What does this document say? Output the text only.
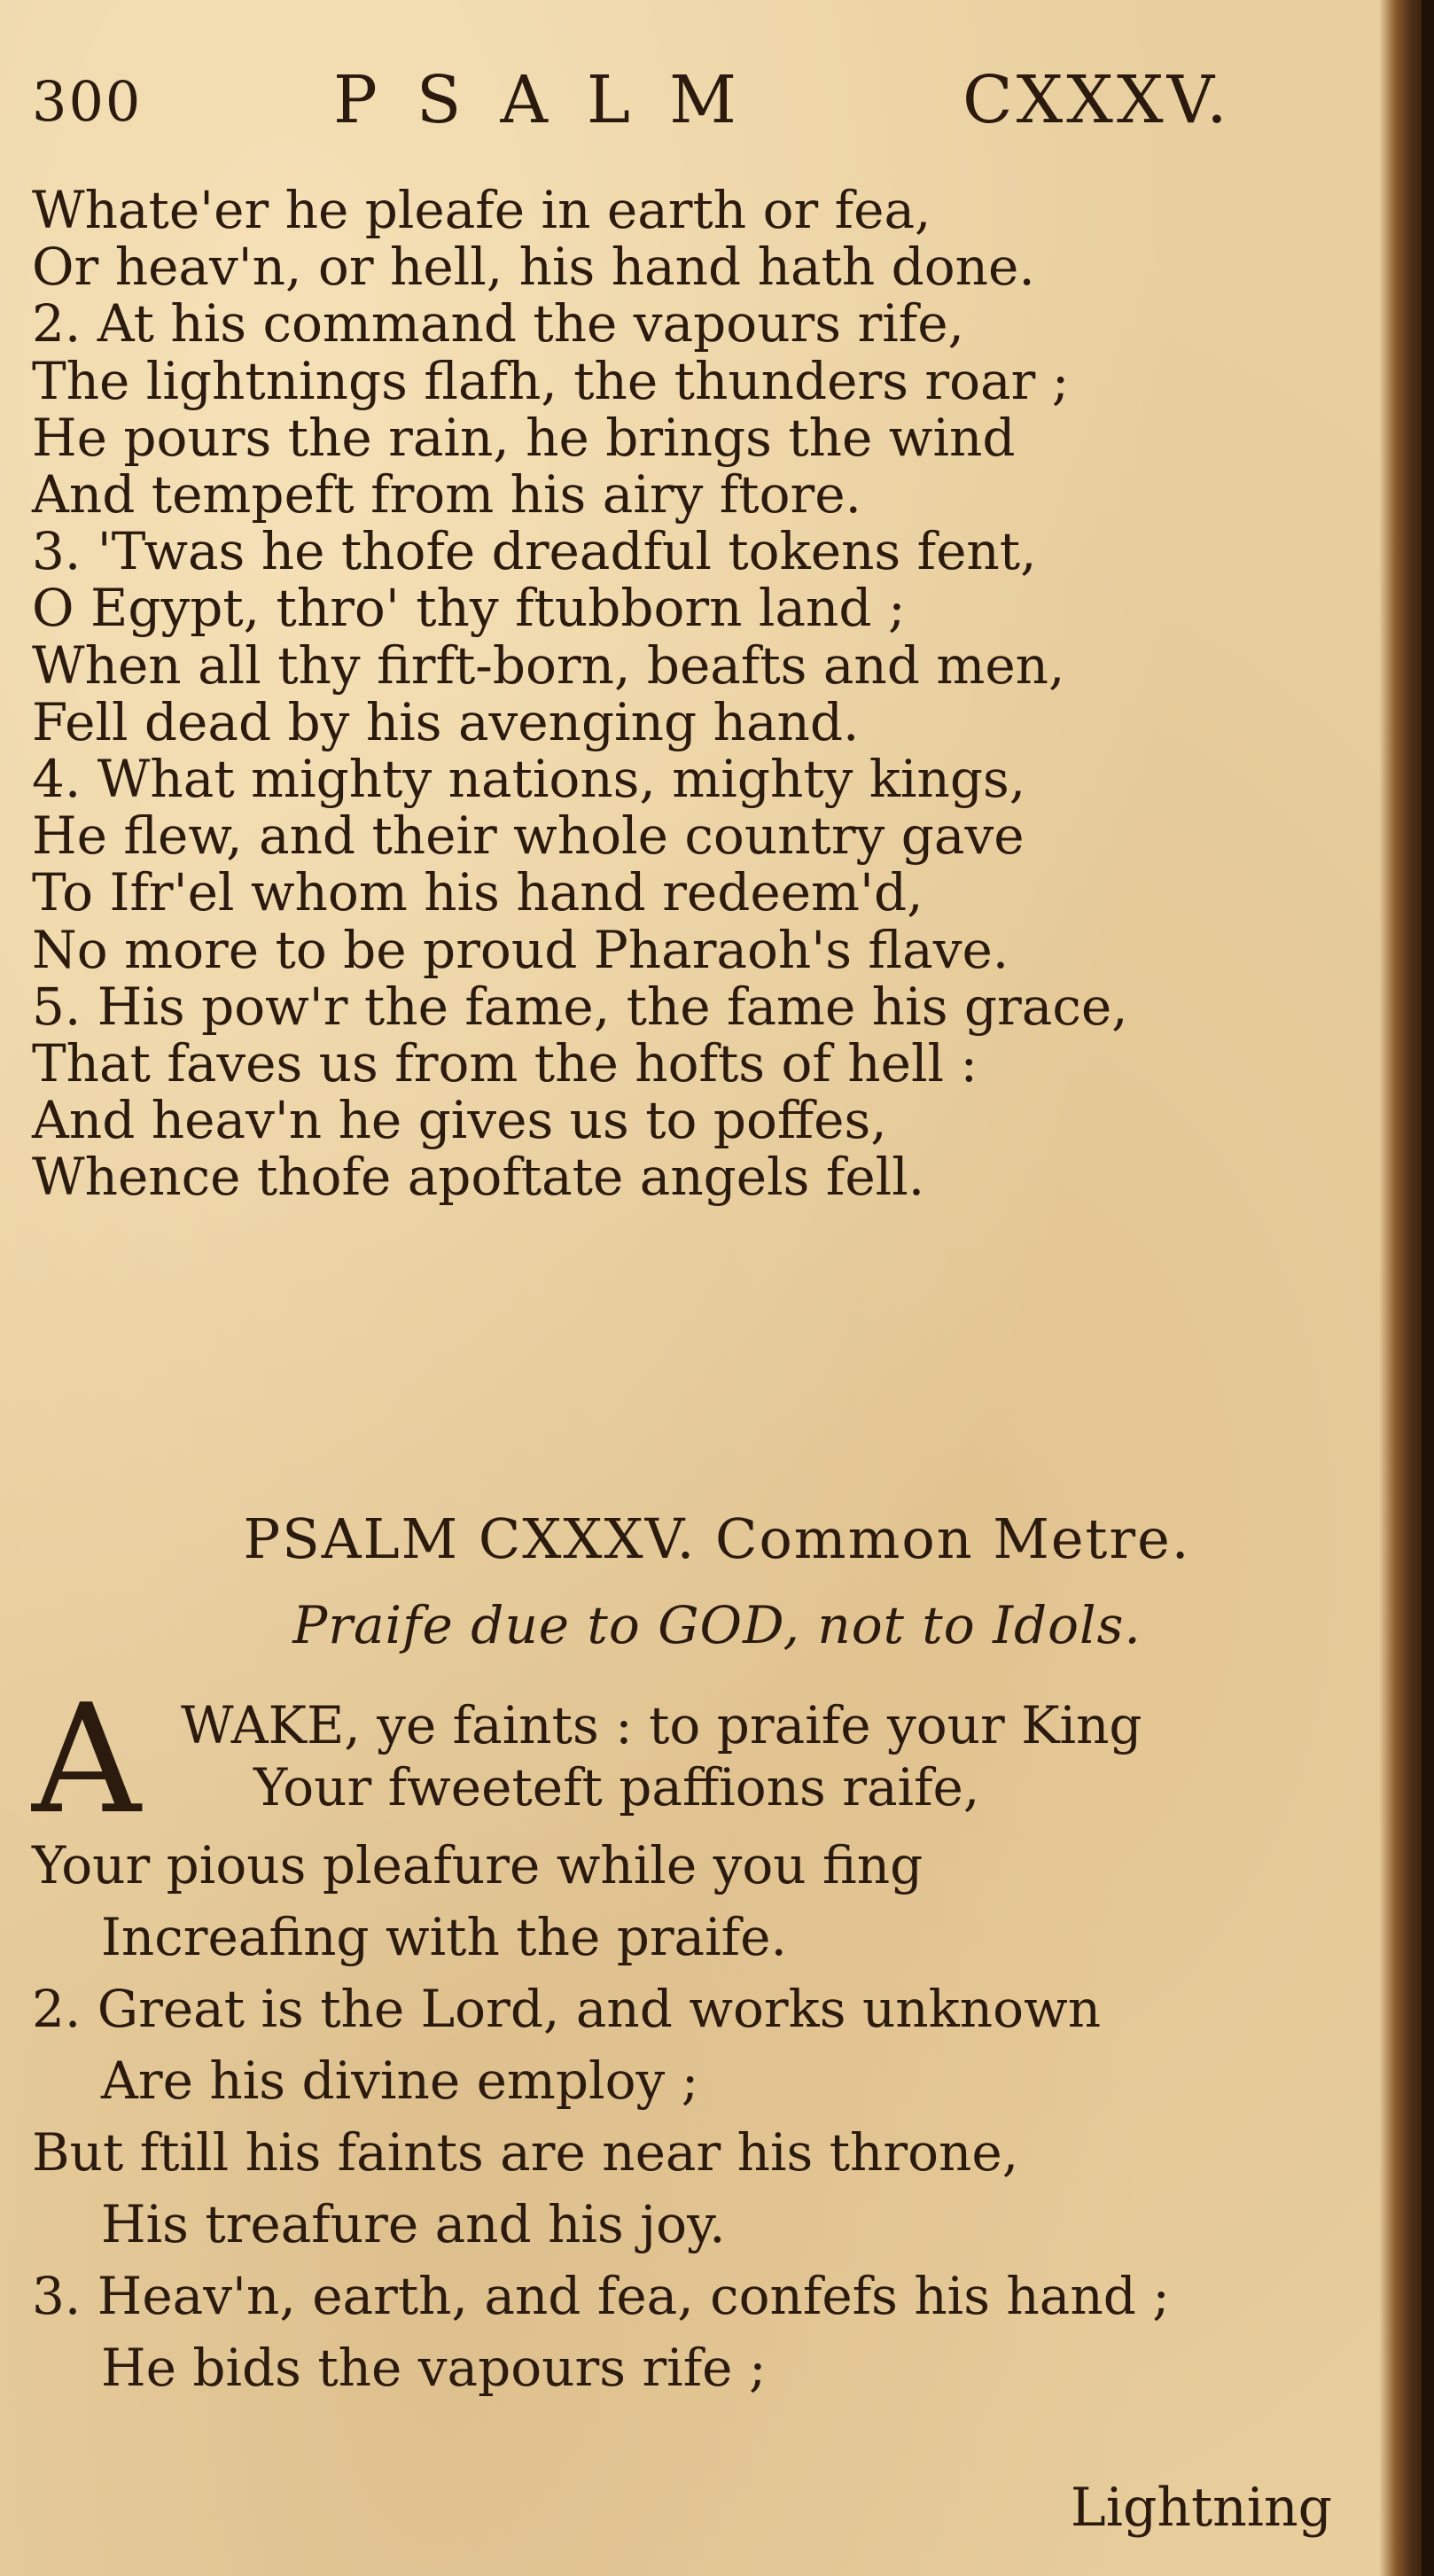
300	PSALM	CXXXV.
Whate'er he pleafe in earth or fea,
Or heav'n, or hell, his hand hath done.
2. At his command the vapours rife,
The lightnings flafh, the thunders roar ;
He pours the rain, he brings the wind
And tempeft from his airy ftore.
3. 'Twas he thofe dreadful tokens fent,
O Egypt, thro' thy ftubborn land ;
When all thy firft-born, beafts and men,
Fell dead by his avenging hand.
4. What mighty nations, mighty kings,
He flew, and their whole country gave
To Ifr'el whom his hand redeem'd,
No more to be proud Pharaoh's flave.
5. His pow'r the fame, the fame his grace,
That faves us from the hofts of hell :
And heav'n he gives us to poffes,
Whence thofe apoftate angels fell.
PSALM CXXXV. Common Metre.
Praife due to GOD, not to Idols.
A WAKE, ye faints : to praife your King
Your fweeteft paffions raife,
Your pious pleafure while you fing
Increafing with the praife.
2. Great is the Lord, and works unknown
Are his divine employ ;
But ftill his faints are near his throne,
His treafure and his joy.
3. Heav'n, earth, and fea, confefs his hand ;
He bids the vapours rife ;
Lightning
